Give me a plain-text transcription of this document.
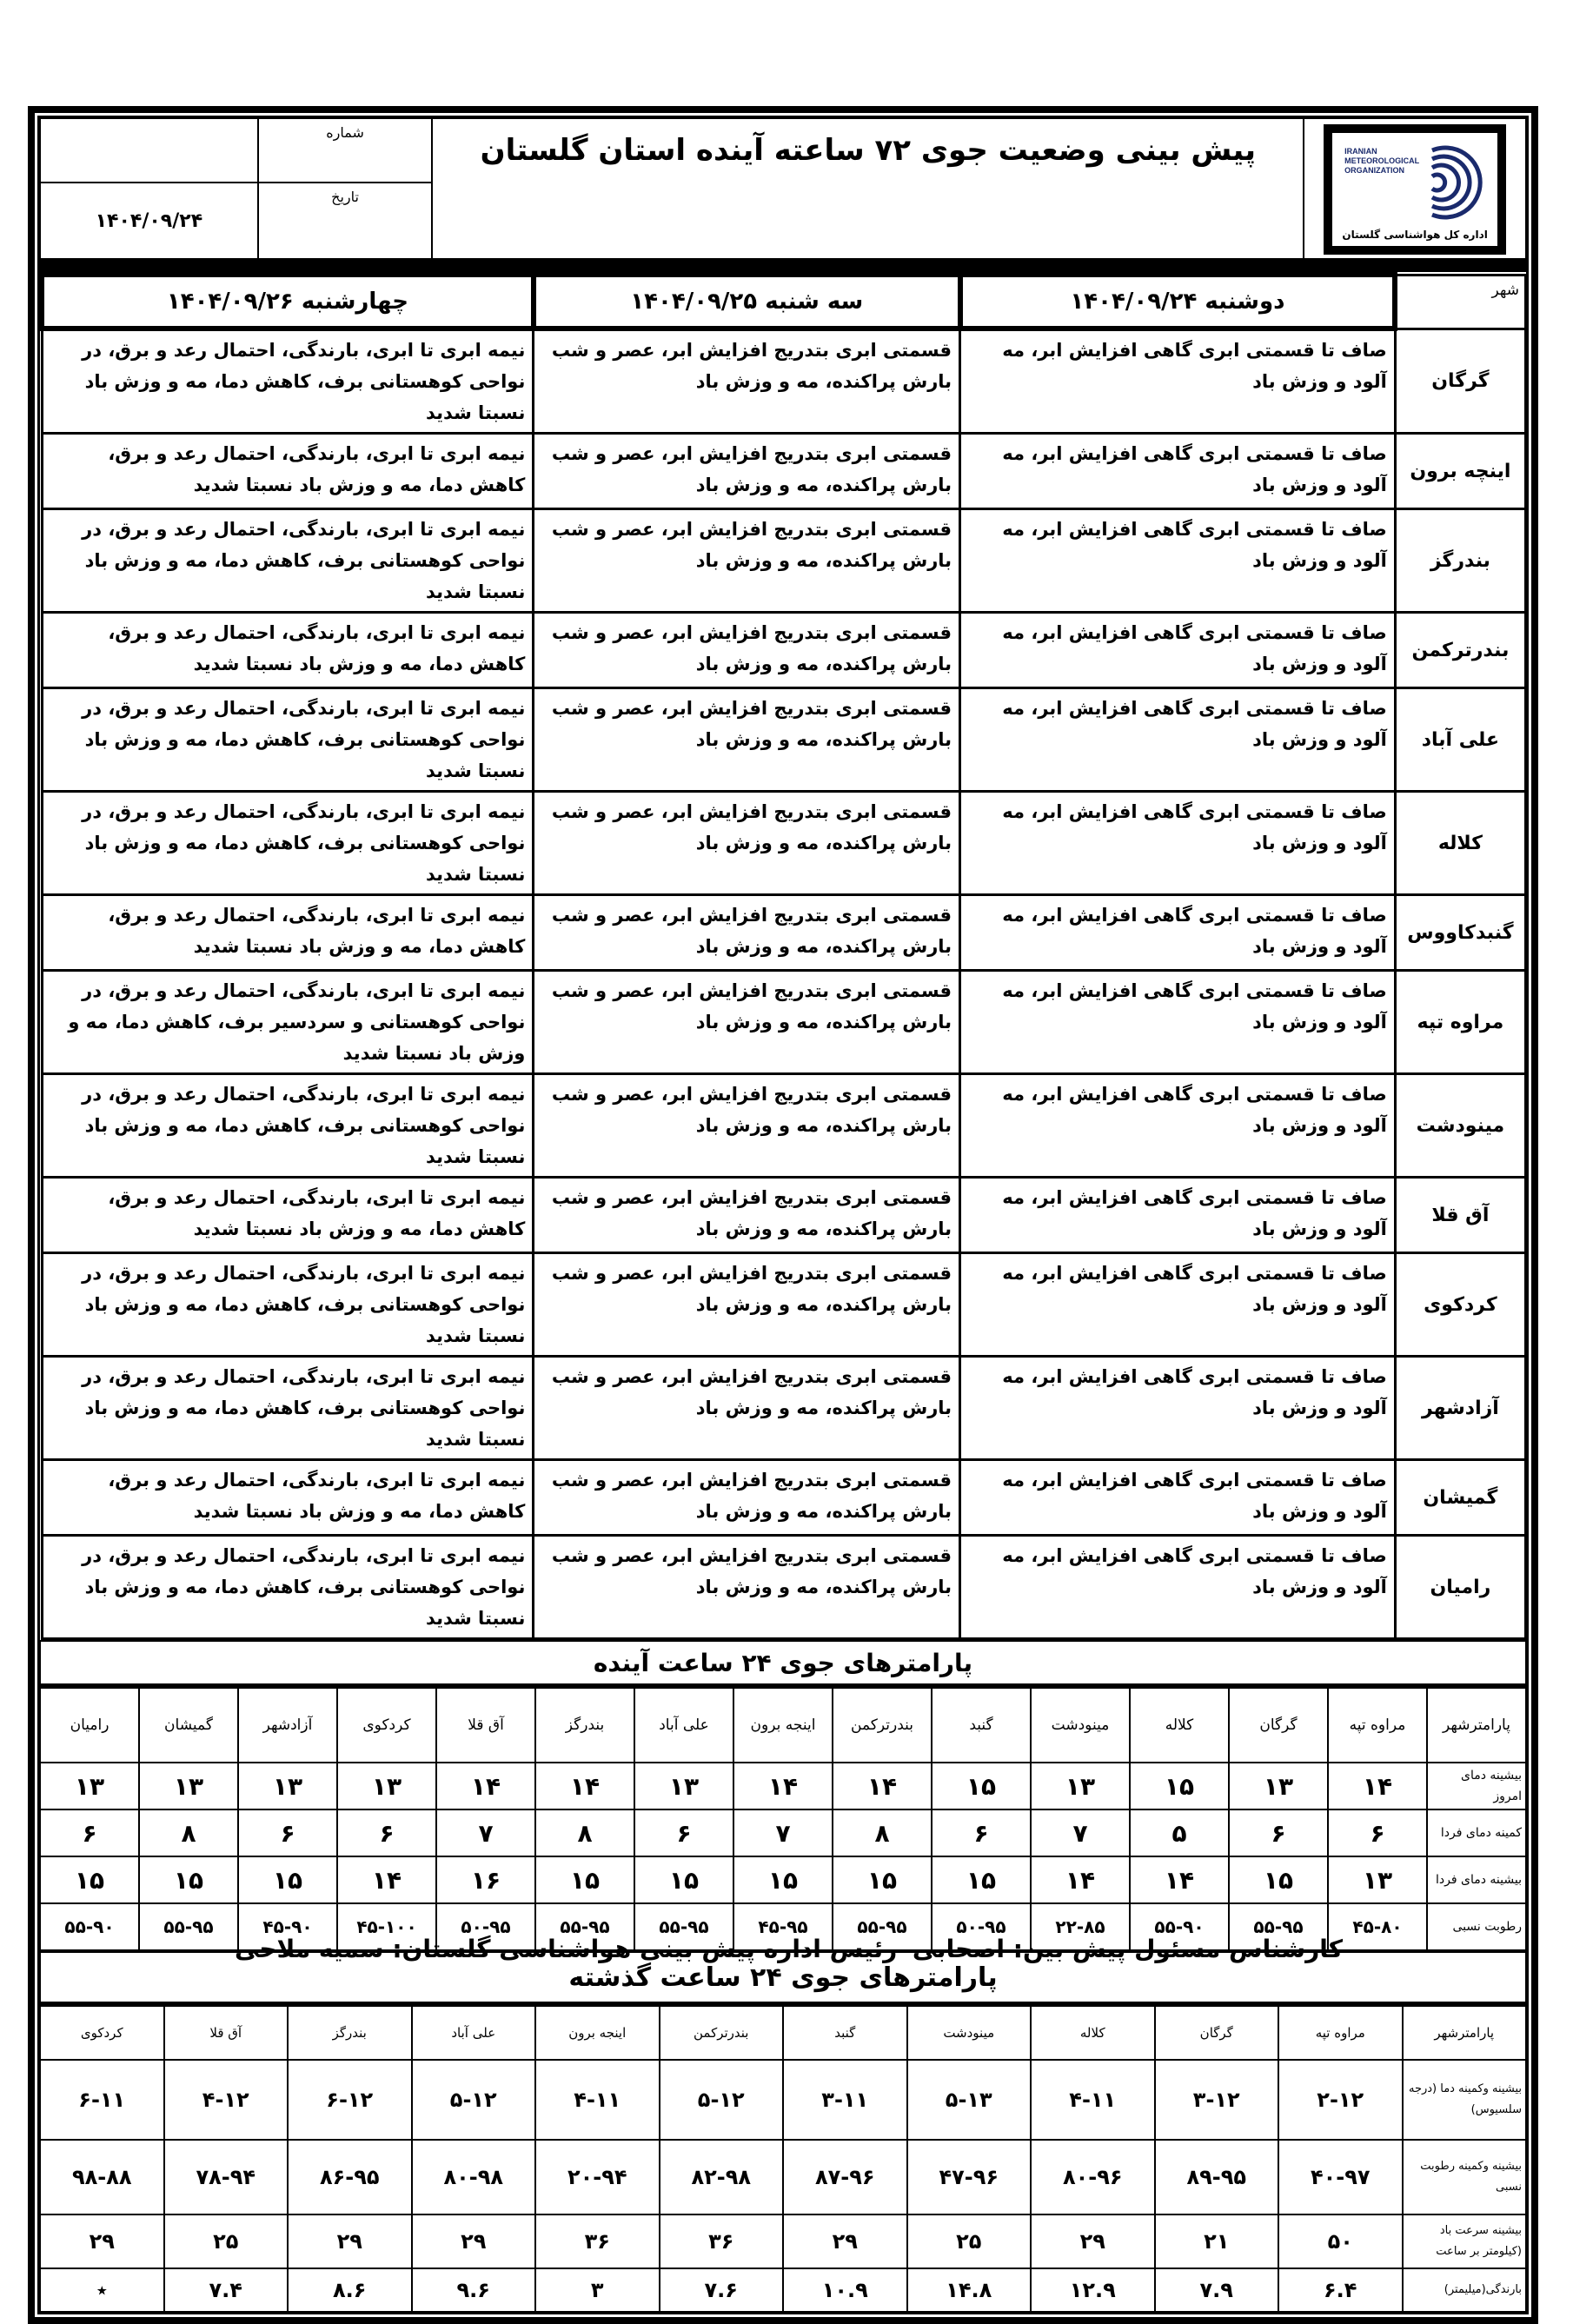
IRANIAN
METEOROLOGICAL
ORGANIZATION
اداره کل هواشناسی گلستان	پیش بینی وضعیت جوی ۷۲ ساعته آینده استان گلستان	شماره	
		تاریخ	۱۴۰۴/۰۹/۲۴
شهر	دوشنبه ۱۴۰۴/۰۹/۲۴	سه شنبه ۱۴۰۴/۰۹/۲۵	چهارشنبه ۱۴۰۴/۰۹/۲۶
گرگان	صاف تا قسمتی ابری گاهی افزایش ابر، مه آلود و وزش باد	قسمتی ابری بتدریج افزایش ابر، عصر و شب بارش پراکنده، مه و وزش باد	نیمه ابری تا ابری، بارندگی، احتمال رعد و برق، در نواحی کوهستانی برف، کاهش دما، مه و وزش باد نسبتا شدید
اینچه برون	صاف تا قسمتی ابری گاهی افزایش ابر، مه آلود و وزش باد	قسمتی ابری بتدریج افزایش ابر، عصر و شب بارش پراکنده، مه و وزش باد	نیمه ابری تا ابری، بارندگی، احتمال رعد و برق، کاهش دما، مه و وزش باد نسبتا شدید
بندرگز	صاف تا قسمتی ابری گاهی افزایش ابر، مه آلود و وزش باد	قسمتی ابری بتدریج افزایش ابر، عصر و شب بارش پراکنده، مه و وزش باد	نیمه ابری تا ابری، بارندگی، احتمال رعد و برق، در نواحی کوهستانی برف، کاهش دما، مه و وزش باد نسبتا شدید
بندرترکمن	صاف تا قسمتی ابری گاهی افزایش ابر، مه آلود و وزش باد	قسمتی ابری بتدریج افزایش ابر، عصر و شب بارش پراکنده، مه و وزش باد	نیمه ابری تا ابری، بارندگی، احتمال رعد و برق، کاهش دما، مه و وزش باد نسبتا شدید
علی آباد	صاف تا قسمتی ابری گاهی افزایش ابر، مه آلود و وزش باد	قسمتی ابری بتدریج افزایش ابر، عصر و شب بارش پراکنده، مه و وزش باد	نیمه ابری تا ابری، بارندگی، احتمال رعد و برق، در نواحی کوهستانی برف، کاهش دما، مه و وزش باد نسبتا شدید
کلاله	صاف تا قسمتی ابری گاهی افزایش ابر، مه آلود و وزش باد	قسمتی ابری بتدریج افزایش ابر، عصر و شب بارش پراکنده، مه و وزش باد	نیمه ابری تا ابری، بارندگی، احتمال رعد و برق، در نواحی کوهستانی برف، کاهش دما، مه و وزش باد نسبتا شدید
گنبدکاووس	صاف تا قسمتی ابری گاهی افزایش ابر، مه آلود و وزش باد	قسمتی ابری بتدریج افزایش ابر، عصر و شب بارش پراکنده، مه و وزش باد	نیمه ابری تا ابری، بارندگی، احتمال رعد و برق، کاهش دما، مه و وزش باد نسبتا شدید
مراوه تپه	صاف تا قسمتی ابری گاهی افزایش ابر، مه آلود و وزش باد	قسمتی ابری بتدریج افزایش ابر، عصر و شب بارش پراکنده، مه و وزش باد	نیمه ابری تا ابری، بارندگی، احتمال رعد و برق، در نواحی کوهستانی و سردسیر برف، کاهش دما، مه و وزش باد نسبتا شدید
مینودشت	صاف تا قسمتی ابری گاهی افزایش ابر، مه آلود و وزش باد	قسمتی ابری بتدریج افزایش ابر، عصر و شب بارش پراکنده، مه و وزش باد	نیمه ابری تا ابری، بارندگی، احتمال رعد و برق، در نواحی کوهستانی برف، کاهش دما، مه و وزش باد نسبتا شدید
آق قلا	صاف تا قسمتی ابری گاهی افزایش ابر، مه آلود و وزش باد	قسمتی ابری بتدریج افزایش ابر، عصر و شب بارش پراکنده، مه و وزش باد	نیمه ابری تا ابری، بارندگی، احتمال رعد و برق، کاهش دما، مه و وزش باد نسبتا شدید
کردکوی	صاف تا قسمتی ابری گاهی افزایش ابر، مه آلود و وزش باد	قسمتی ابری بتدریج افزایش ابر، عصر و شب بارش پراکنده، مه و وزش باد	نیمه ابری تا ابری، بارندگی، احتمال رعد و برق، در نواحی کوهستانی برف، کاهش دما، مه و وزش باد نسبتا شدید
آزادشهر	صاف تا قسمتی ابری گاهی افزایش ابر، مه آلود و وزش باد	قسمتی ابری بتدریج افزایش ابر، عصر و شب بارش پراکنده، مه و وزش باد	نیمه ابری تا ابری، بارندگی، احتمال رعد و برق، در نواحی کوهستانی برف، کاهش دما، مه و وزش باد نسبتا شدید
گمیشان	صاف تا قسمتی ابری گاهی افزایش ابر، مه آلود و وزش باد	قسمتی ابری بتدریج افزایش ابر، عصر و شب بارش پراکنده، مه و وزش باد	نیمه ابری تا ابری، بارندگی، احتمال رعد و برق، کاهش دما، مه و وزش باد نسبتا شدید
رامیان	صاف تا قسمتی ابری گاهی افزایش ابر، مه آلود و وزش باد	قسمتی ابری بتدریج افزایش ابر، عصر و شب بارش پراکنده، مه و وزش باد	نیمه ابری تا ابری، بارندگی، احتمال رعد و برق، در نواحی کوهستانی برف، کاهش دما، مه و وزش باد نسبتا شدید
پارامترهای جوی ۲۴ ساعت آینده														
پارامترشهر	مراوه تپه	گرگان	کلاله	مینودشت	گنبد	بندرترکمن	اینجه برون	علی آباد	بندرگز	آق قلا	کردکوی	آزادشهر	گمیشان	رامیان
بیشینه دمای امروز	۱۴	۱۳	۱۵	۱۳	۱۵	۱۴	۱۴	۱۳	۱۴	۱۴	۱۳	۱۳	۱۳	۱۳
کمینه دمای فردا	۶	۶	۵	۷	۶	۸	۷	۶	۸	۷	۶	۶	۸	۶
بیشینه دمای فردا	۱۳	۱۵	۱۴	۱۴	۱۵	۱۵	۱۵	۱۵	۱۵	۱۶	۱۴	۱۵	۱۵	۱۵
رطوبت نسبی	۴۵-۸۰	۵۵-۹۵	۵۵-۹۰	۲۲-۸۵	۵۰-۹۵	۵۵-۹۵	۴۵-۹۵	۵۵-۹۵	۵۵-۹۵	۵۰-۹۵	۴۵-۱۰۰	۴۵-۹۰	۵۵-۹۵	۵۵-۹۰
پارامترهای جوی ۲۴ ساعت گذشته											
پارامترشهر	مراوه تپه	گرگان	کلاله	مینودشت	گنبد	بندرترکمن	اینجه برون	علی آباد	بندرگز	آق قلا	کردکوی
بیشینه وکمینه دما (درجه سلسیوس)	۲-۱۲	۳-۱۲	۴-۱۱	۵-۱۳	۳-۱۱	۵-۱۲	۴-۱۱	۵-۱۲	۶-۱۲	۴-۱۲	۶-۱۱
بیشینه وکمینه رطوبت نسبی	۴۰-۹۷	۸۹-۹۵	۸۰-۹۶	۴۷-۹۶	۸۷-۹۶	۸۲-۹۸	۲۰-۹۴	۸۰-۹۸	۸۶-۹۵	۷۸-۹۴	۹۸-۸۸
بیشینه سرعت باد (کیلومتر بر ساعت	۵۰	۲۱	۲۹	۲۵	۲۹	۳۶	۳۶	۲۹	۲۹	۲۵	۲۹
بارندگی(میلیمتر)	۶.۴	۷.۹	۱۲.۹	۱۴.۸	۱۰.۹	۷.۶	۳	۹.۶	۸.۶	۷.۴	٭
کارشناس مسئول پیش بین: اصحابی
رئیس اداره پیش بینی هواشناسی گلستان: سمیه ملاحی
